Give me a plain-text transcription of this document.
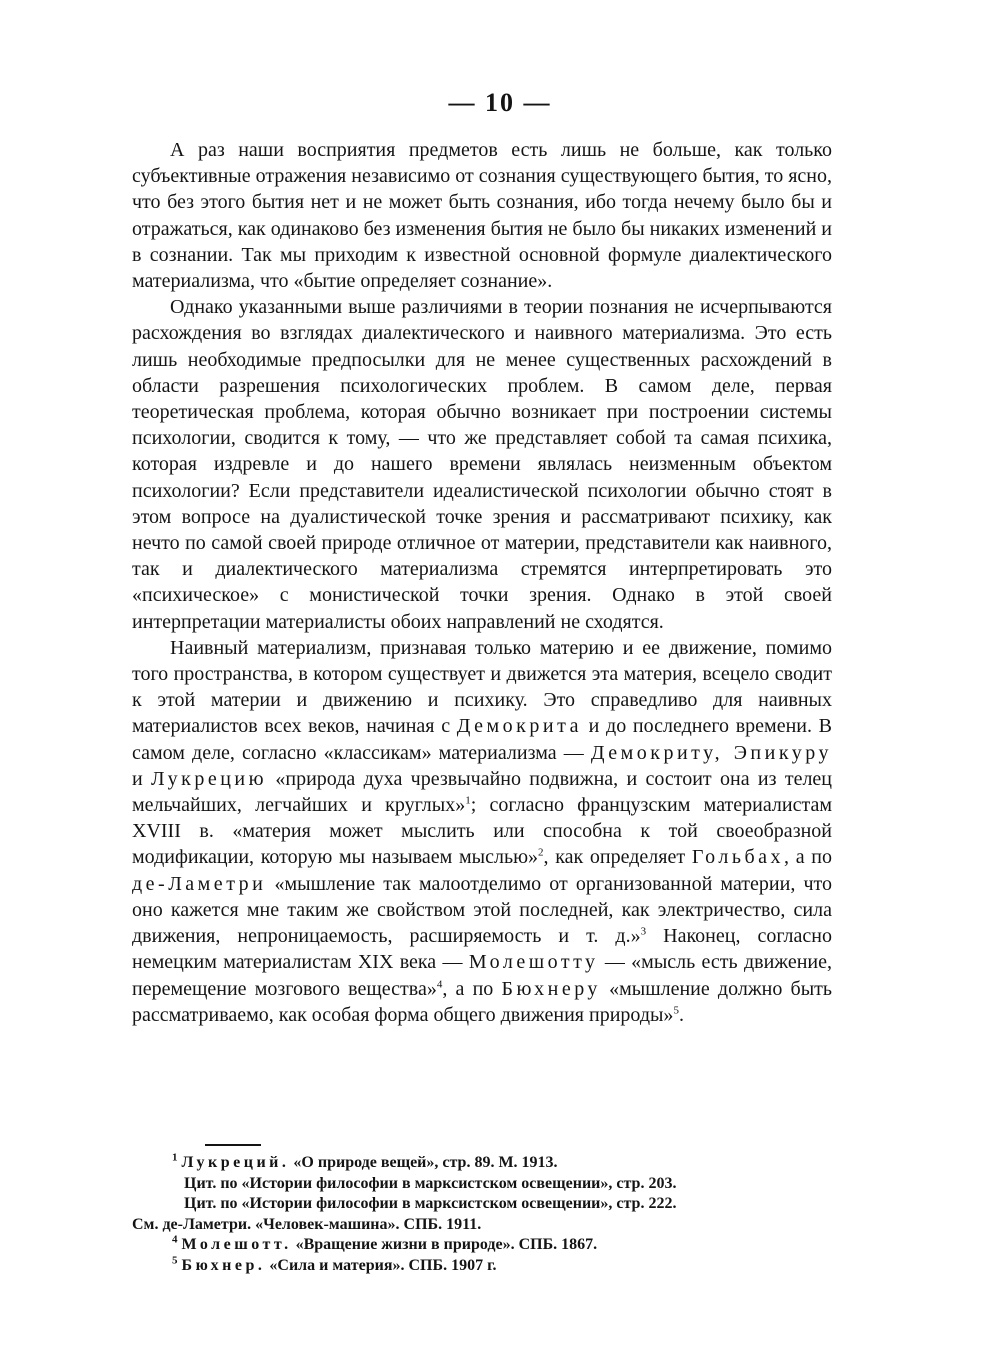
— 10 —

А раз наши восприятия предметов есть лишь не больше, как только субъективные отражения независимо от сознания существующего бытия, то ясно, что без этого бытия нет и не может быть сознания, ибо тогда нечему было бы и отражаться, как одинаково без изменения бытия не было бы никаких изменений и в сознании. Так мы приходим к известной основной формуле диалектического материализма, что «бытие определяет сознание».

Однако указанными выше различиями в теории познания не исчерпываются расхождения во взглядах диалектического и наивного материализма. Это есть лишь необходимые предпосылки для не менее существенных расхождений в области разрешения психологических проблем. В самом деле, первая теоретическая проблема, которая обычно возникает при построении системы психологии, сводится к тому, — что же представляет собой та самая психика, которая издревле и до нашего времени являлась неизменным объектом психологии? Если представители идеалистической психологии обычно стоят в этом вопросе на дуалистической точке зрения и рассматривают психику, как нечто по самой своей природе отличное от материи, представители как наивного, так и диалектического материализма стремятся интерпретировать это «психическое» с монистической точки зрения. Однако в этой своей интерпретации материалисты обоих направлений не сходятся.

Наивный материализм, признавая только материю и ее движение, помимо того пространства, в котором существует и движется эта материя, всецело сводит к этой материи и движению и психику. Это справедливо для наивных материалистов всех веков, начиная с Демокрита и до последнего времени. В самом деле, согласно «классикам» материализма — Демокриту, Эпикуру и Лукрецию «природа духа чрезвычайно подвижна, и состоит она из телец мельчайших, легчайших и круглых»$^1$; согласно французским материалистам XVIII в. «материя может мыслить или способна к той своеобразной модификации, которую мы называем мыслью»$^2$, как определяет Гольбах, а по де-Ламетри «мышление так малоотделимо от организованной материи, что оно кажется мне таким же свойством этой последней, как электричество, сила движения, непроницаемость, расширяемость и т. д.»$^3$ Наконец, согласно немецким материалистам XIX века — Молешотту — «мысль есть движение, перемещение мозгового вещества»$^4$, а по Бюхнеру «мышление должно быть рассматриваемо, как особая форма общего движения природы»$^5$.

$^1$ Лукреций. «О природе вещей», стр. 89. М. 1913.

Цит. по «Истории философии в марксистском освещении», стр. 203.

Цит. по «Истории философии в марксистском освещении», стр. 222.

См. де-Ламетри. «Человек-машина». СПБ. 1911.

$^4$ Молешотт. «Вращение жизни в природе». СПБ. 1867.

$^5$ Бюхнер. «Сила и материя». СПБ. 1907 г.
